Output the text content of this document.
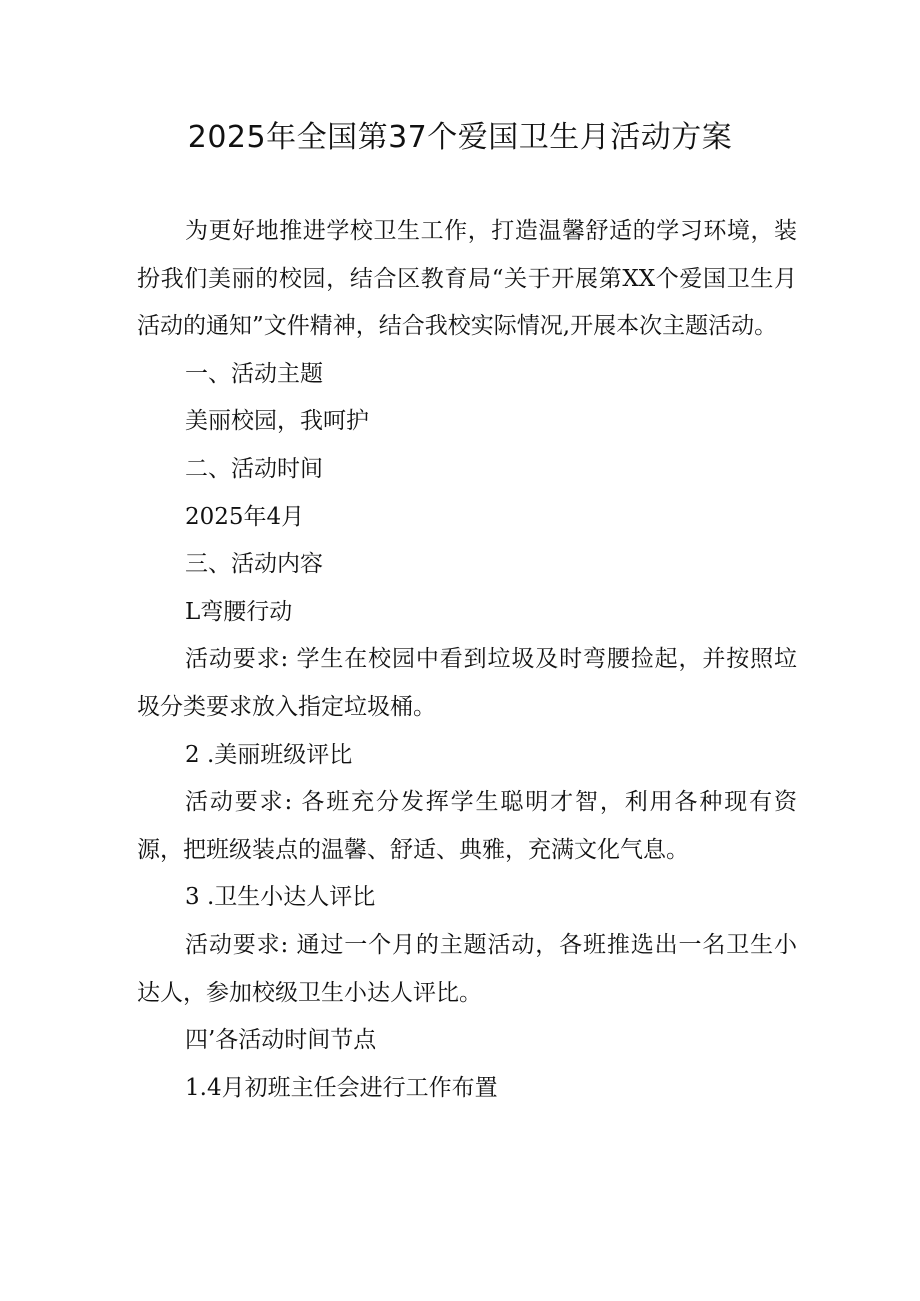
2025年全国第37个爱国卫生月活动方案

为更好地推进学校卫生工作，打造温馨舒适的学习环境，装扮我们美丽的校园，结合区教育局“关于开展第XX个爱国卫生月活动的通知”文件精神，结合我校实际情况,开展本次主题活动。

一、活动主题

美丽校园，我呵护

二、活动时间

2025年4月

三、活动内容

L弯腰行动

活动要求: 学生在校园中看到垃圾及时弯腰捡起，并按照垃圾分类要求放入指定垃圾桶。

2 .美丽班级评比

活动要求: 各班充分发挥学生聪明才智，利用各种现有资源，把班级装点的温馨、舒适、典雅，充满文化气息。

3 .卫生小达人评比

活动要求: 通过一个月的主题活动，各班推选出一名卫生小达人，参加校级卫生小达人评比。

四’各活动时间节点

1.4月初班主任会进行工作布置
